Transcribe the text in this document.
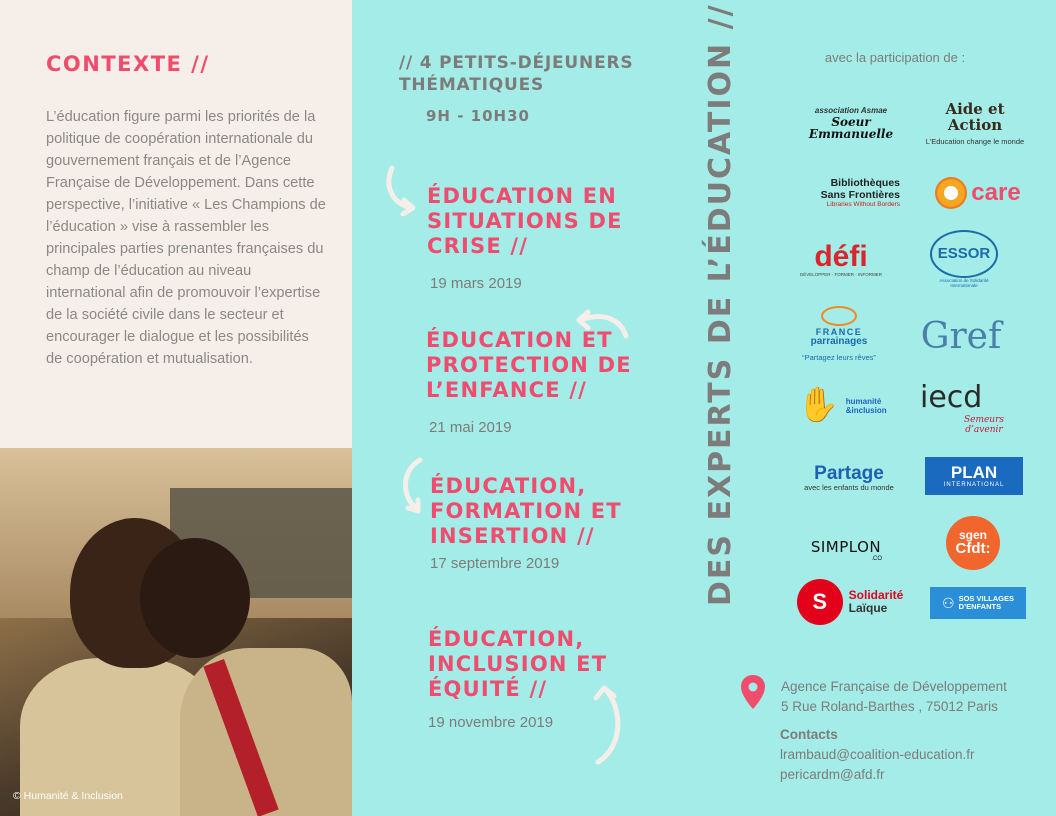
CONTEXTE //
L’éducation figure parmi les priorités de la politique de coopération internationale du gouvernement français et de l’Agence Française de Développement. Dans cette perspective, l’initiative « Les Champions de l’éducation » vise à rassembler les principales parties prenantes françaises du champ de l’éducation au niveau international afin de promouvoir l’expertise de la société civile dans le secteur et encourager le dialogue et les possibilités de coopération et mutualisation.
© Humanité & Inclusion
// 4 PETITS-DÉJEUNERS THÉMATIQUES
9H - 10H30
ÉDUCATION EN SITUATIONS DE CRISE //
19 mars 2019
ÉDUCATION ET PROTECTION DE L’ENFANCE //
21 mai 2019
ÉDUCATION, FORMATION ET INSERTION //
17 septembre 2019
ÉDUCATION, INCLUSION ET ÉQUITÉ //
19 novembre 2019
DES EXPERTS DE L’ÉDUCATION //	avec la participation de :
association Asmae
Soeur Emmanuelle
Aide et Action
L’Education change le monde
Bibliothèques
Sans Frontières
Libraries Without Borders	care
défi
DÉVELOPPER · FORMER · INFORMER
ESSOR
Association de Solidarité Internationale
FRANCE
parrainages
“Partagez leurs rêves”
Gref
✋ humanité
&inclusion iecd
Semeurs d’avenir
Partage
avec les enfants du monde
PLAN
INTERNATIONAL
SIMPLON
.CO
sgen
Cfdt:
S	Solidarité
Laïque	⚇ SOS VILLAGES
D’ENFANTS
Agence Française de Développement
5 Rue Roland-Barthes , 75012 Paris
Contacts
lrambaud@coalition-education.fr
pericardm@afd.fr
